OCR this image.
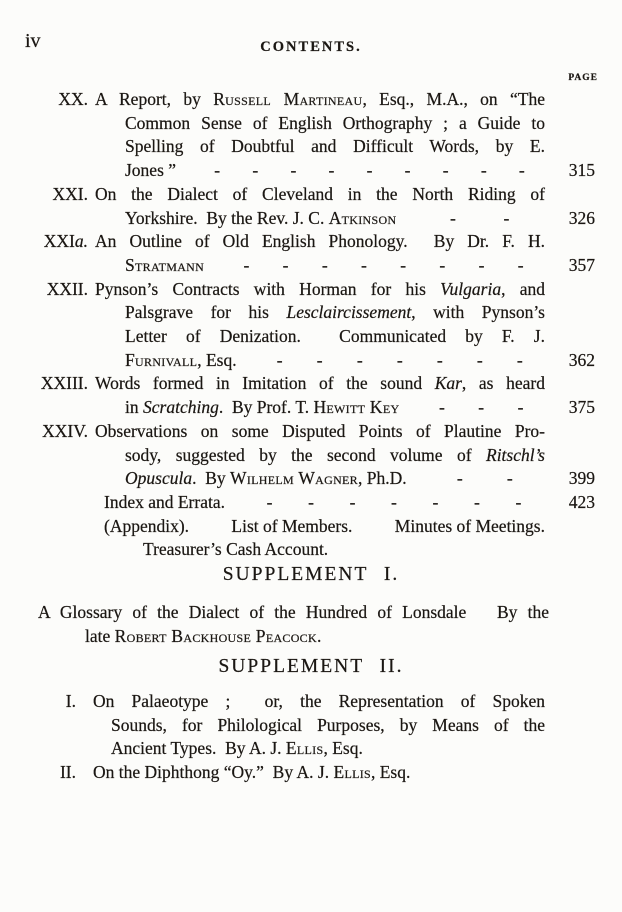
iv	CONTENTS.
PAGE
XX. A Report, by Russell Martineau, Esq., M.A., on “The
Common Sense of English Orthography ; a Guide to
Spelling of Doubtful and Difficult Words, by E.
Jones ” - - - - - - - - -	315
XXI. On the Dialect of Cleveland in the North Riding of
Yorkshire.  By the Rev. J. C. Atkinson	-	-	326
XXIa. An Outline of Old English Phonology.  By Dr. F. H.
Stratmann - - - - - - - -	357
XXII. Pynson’s Contracts with Horman for his Vulgaria, and
Palsgrave for his Lesclaircissement, with Pynson’s
Letter of Denization.  Communicated by F. J.
Furnivall, Esq. - - - - - - -	362
XXIII. Words formed in Imitation of the sound Kar, as heard
in Scratching.  By Prof. T. Hewitt Key - - -	375
XXIV. Observations on some Disputed Points of Plautine Pro-
sody, suggested by the second volume of Ritschl’s
Opuscula.  By Wilhelm Wagner, Ph.D.	-	-	399
Index and Errata. - - - - - - -	423
(Appendix). List of Members. Minutes of Meetings.
Treasurer’s Cash Account.
SUPPLEMENT I.
A Glossary of the Dialect of the Hundred of Lonsdale   By the
late Robert Backhouse Peacock.
SUPPLEMENT II.
I. On Palaeotype ;  or, the Representation of Spoken
Sounds, for Philological Purposes, by Means of the
Ancient Types.  By A. J. Ellis, Esq.
II. On the Diphthong “Oy.”  By A. J. Ellis, Esq.
